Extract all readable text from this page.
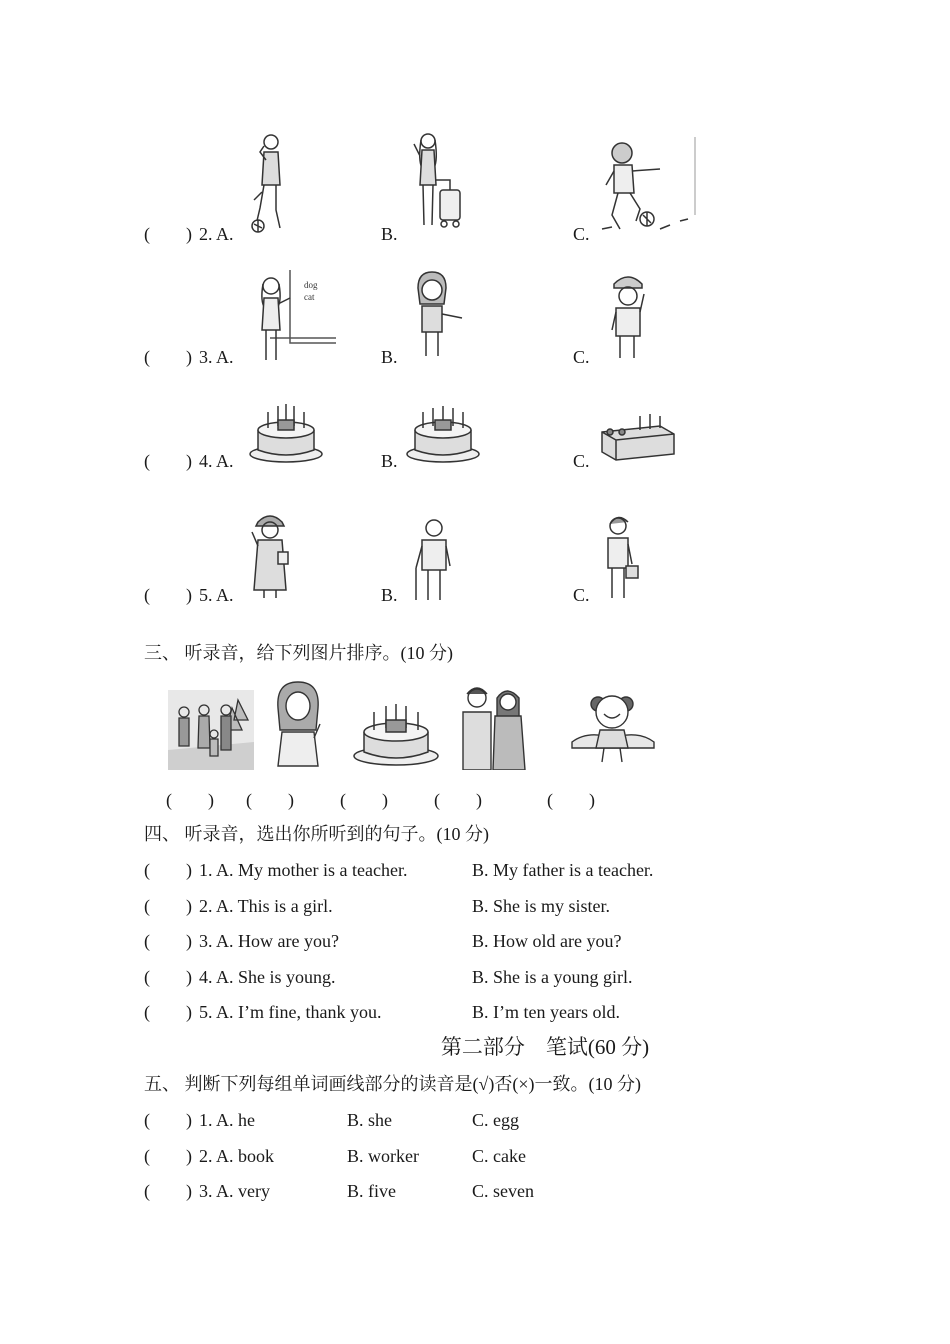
(　　) 2. A.	B.	C.
(　　) 3. A.	B.	C.
dog
cat
(　　) 4. A.	B.	C.
(　　) 5. A.	B.	C.
三、 听录音，给下列图片排序。(10 分)
(　　) (　　)	(　　)	(　　)	(　　)
四、 听录音，选出你所听到的句子。(10 分)
(　　) 1. A. My mother is a teacher.	B. My father is a teacher.
(　　) 2. A. This is a girl.	B. She is my sister.
(　　) 3. A. How are you?	B. How old are you?
(　　) 4. A. She is young.	B. She is a young girl.
(　　) 5. A. I’m fine, thank you.	B. I’m ten years old.
第二部分　笔试(60 分)
五、 判断下列每组单词画线部分的读音是(√)否(×)一致。(10 分)
(　　) 1. A. he	B. she	C. egg
(　　) 2. A. book	B. worker	C. cake
(　　) 3. A. very	B. five	C. seven
